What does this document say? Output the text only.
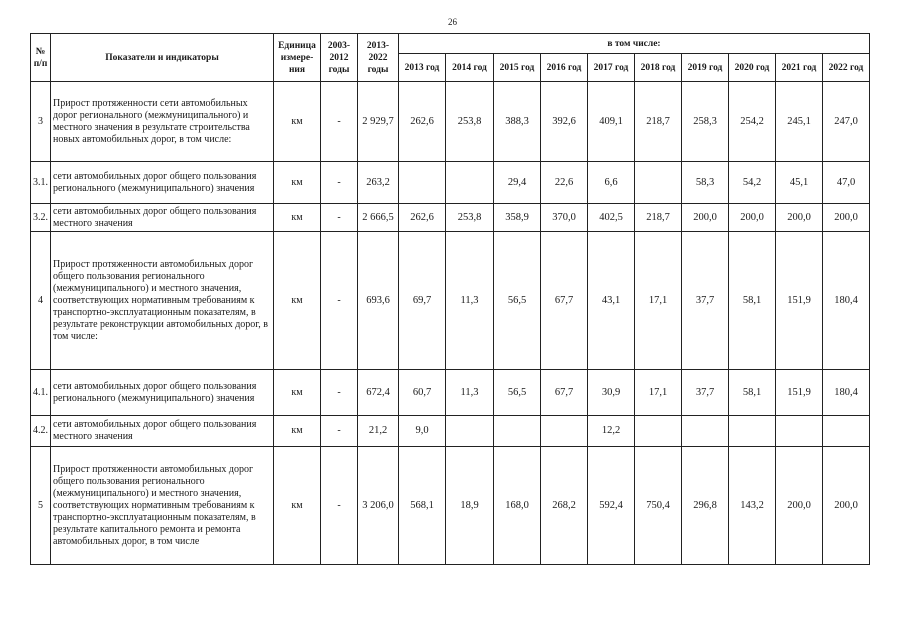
26
№ п/п	Показатели и индикаторы	Единица измере-ния	2003-2012 годы	2013-2022 годы	в том числе:									
					2013 год	2014 год	2015 год	2016 год	2017 год	2018 год	2019 год	2020 год	2021 год	2022 год
3	Прирост протяженности сети автомобильных дорог регионального (межмуниципального) и местного значения в результате строительства новых автомобильных дорог, в том числе:	км	-	2 929,7	262,6	253,8	388,3	392,6	409,1	218,7	258,3	254,2	245,1	247,0
3.1.	сети автомобильных дорог общего пользования регионального (межмуниципального) значения	км	-	263,2			29,4	22,6	6,6		58,3	54,2	45,1	47,0
3.2.	сети автомобильных дорог общего пользования местного значения	км	-	2 666,5	262,6	253,8	358,9	370,0	402,5	218,7	200,0	200,0	200,0	200,0
4	Прирост протяженности автомобильных дорог общего пользования регионального (межмуниципального) и местного значения, соответствующих нормативным требованиям к транспортно-эксплуатационным показателям, в результате реконструкции автомобильных дорог, в том числе:	км	-	693,6	69,7	11,3	56,5	67,7	43,1	17,1	37,7	58,1	151,9	180,4
4.1.	сети автомобильных дорог общего пользования регионального (межмуниципального) значения	км	-	672,4	60,7	11,3	56,5	67,7	30,9	17,1	37,7	58,1	151,9	180,4
4.2.	сети автомобильных дорог общего пользования местного значения	км	-	21,2	9,0				12,2					
5	Прирост протяженности автомобильных дорог общего пользования регионального (межмуниципального) и местного значения, соответствующих нормативным требованиям к транспортно-эксплуатационным показателям, в результате капитального ремонта и ремонта автомобильных дорог, в том числе	км	-	3 206,0	568,1	18,9	168,0	268,2	592,4	750,4	296,8	143,2	200,0	200,0
